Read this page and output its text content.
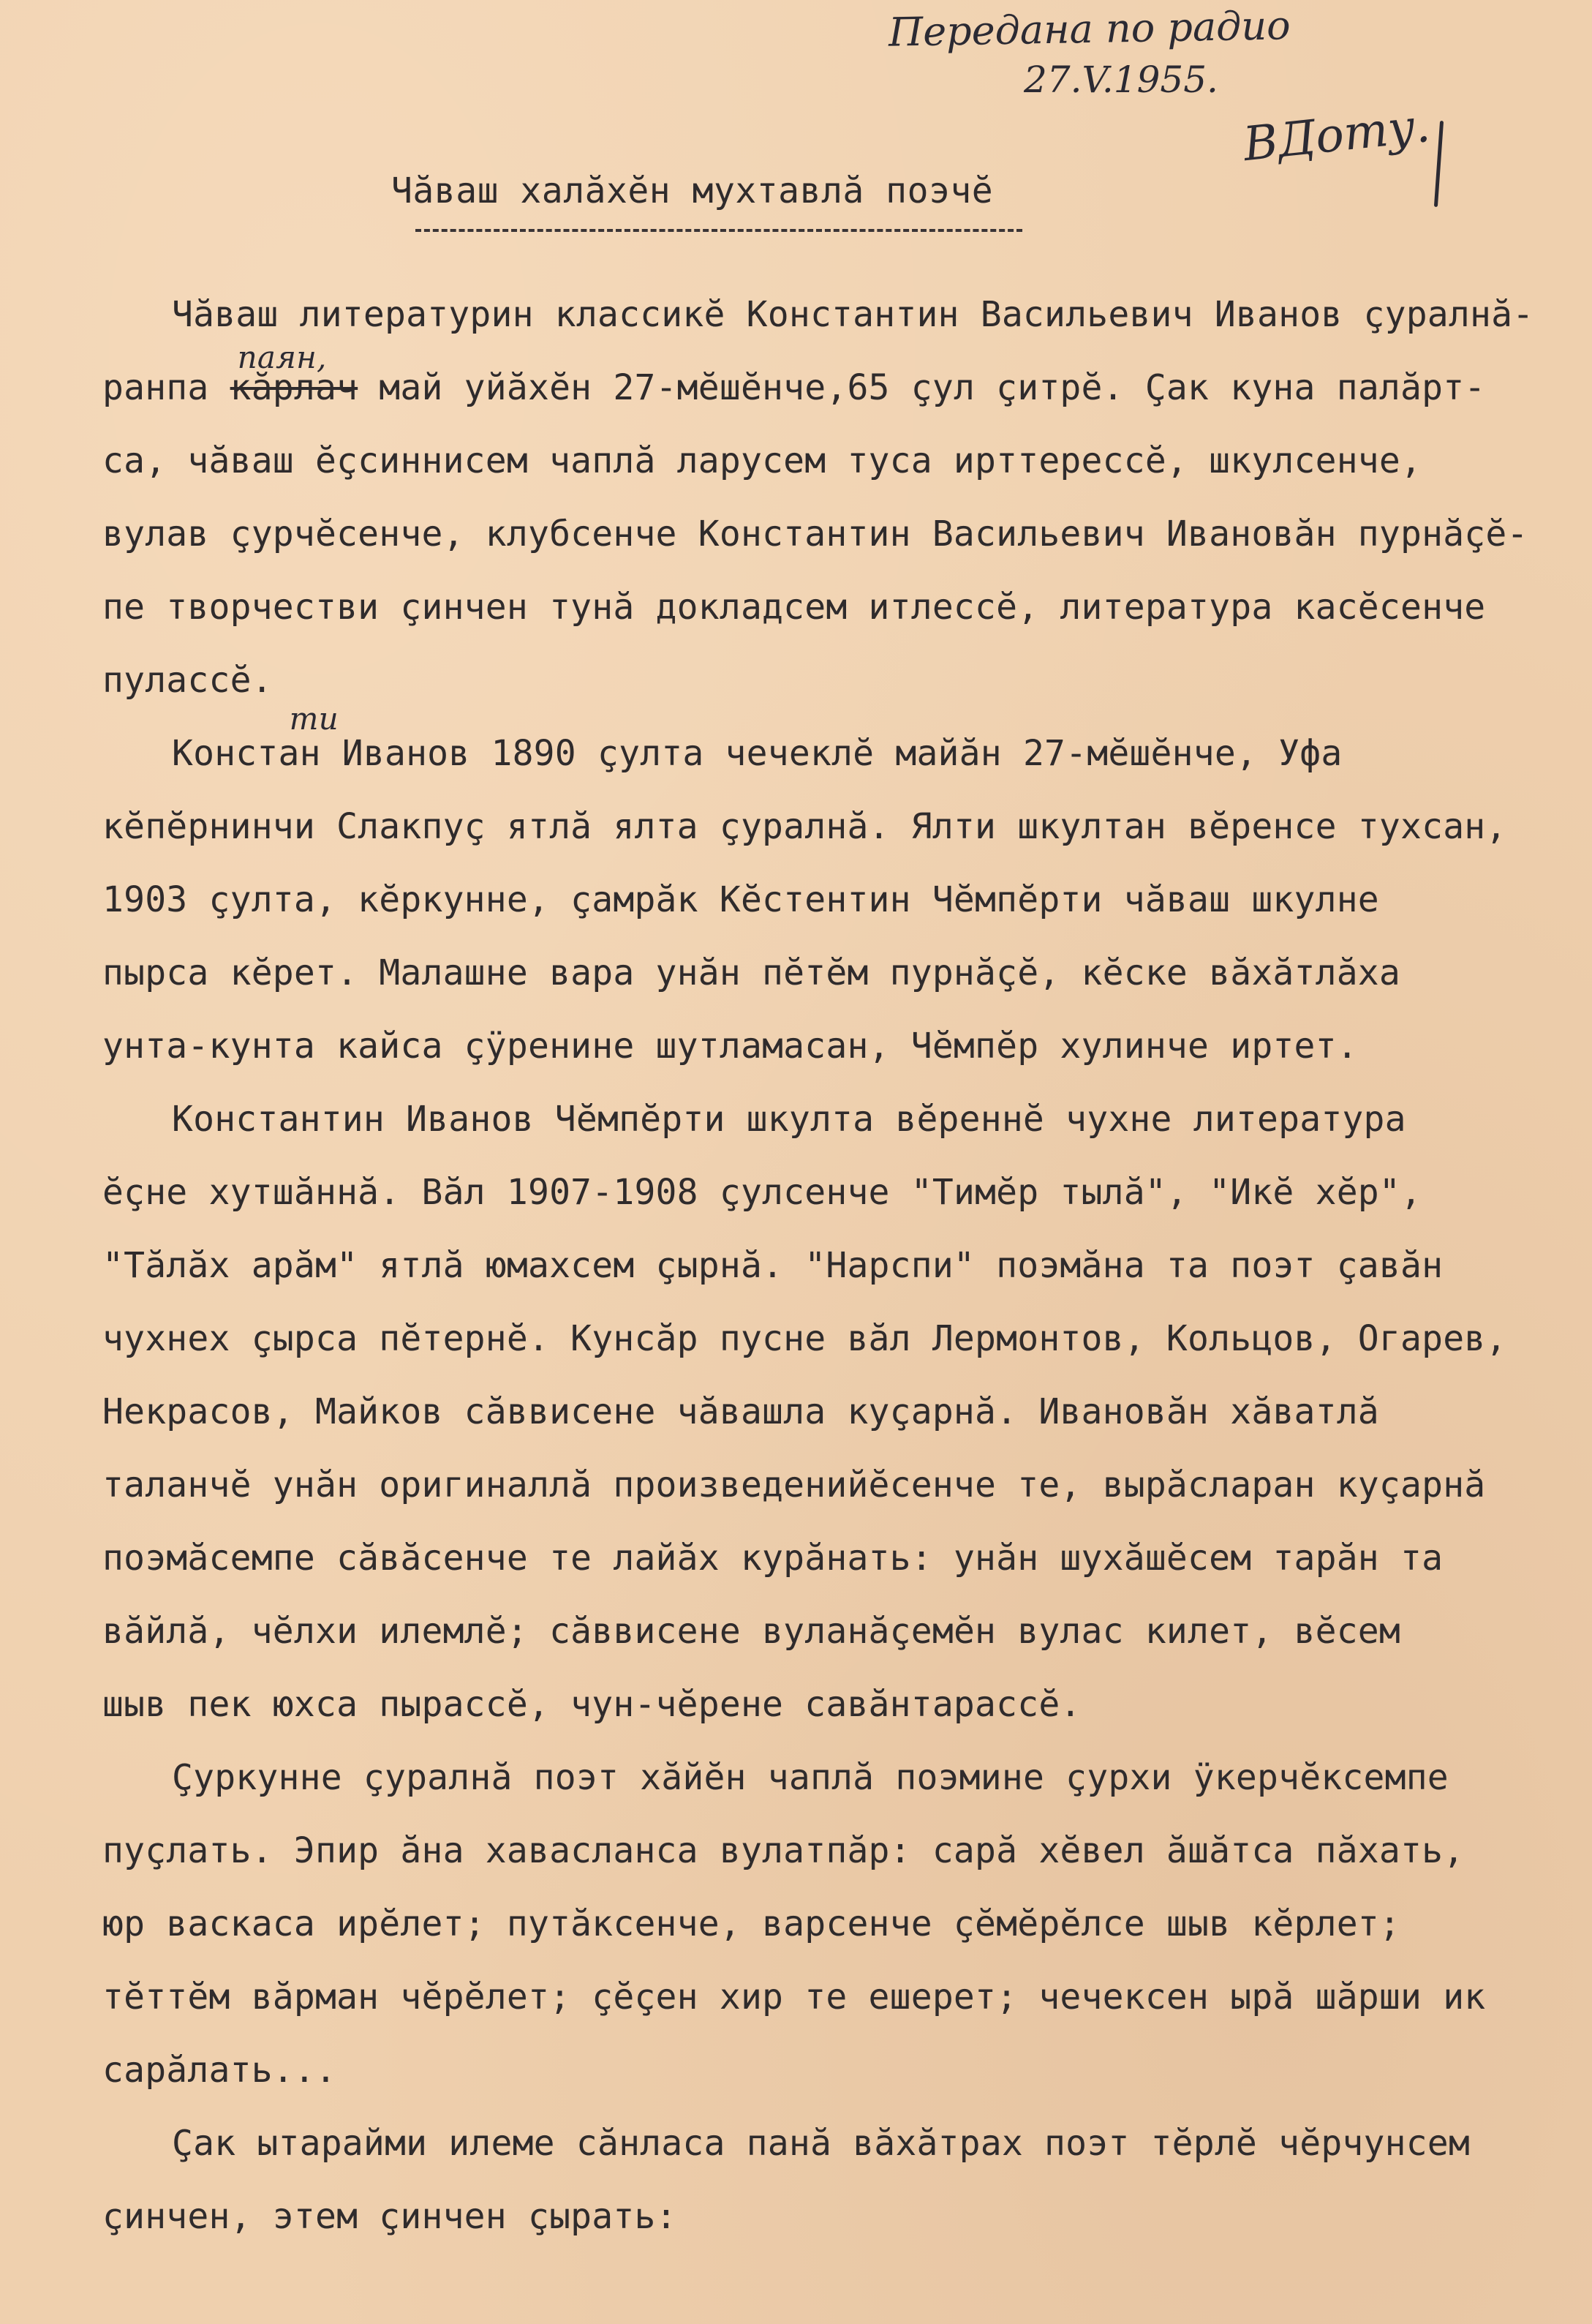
Передана по радио
27.V.1955.
ВДоту.
Чăваш халăхĕн мухтавлă поэчĕ
Чăваш литературин классикĕ Константин Васильевич Иванов çуралнă-
ранпа
паян,
кăрлач май уйăхĕн 27-мĕшĕнче,65 çул çитрĕ. Çак куна палăрт-
са, чăваш ĕçсиннисем чаплă ларусем туса ирттерессĕ, шкулсенче,
вулав çурчĕсенче, клубсенче Константин Васильевич Ивановăн пурнăçĕ-
пе творчестви çинчен тунă докладсем итлессĕ, литература касĕсенче
пулассĕ.
Конста
ти
н Иванов 1890 çулта чечеклĕ майăн 27-мĕшĕнче, Уфа
кĕпĕрнинчи Слакпуç ятлă ялта çуралнă. Ялти шкултан вĕренсе тухсан,
1903 çулта, кĕркунне, çамрăк Кĕстентин Чĕмпĕрти чăваш шкулне
пырса кĕрет. Малашне вара унăн пĕтĕм пурнăçĕ, кĕске вăхăтлăха
унта-кунта кайса çÿренине шутламасан, Чĕмпĕр хулинче иртет.
Константин Иванов Чĕмпĕрти шкулта вĕреннĕ чухне литература
ĕçне хутшăннă. Вăл 1907-1908 çулсенче "Тимĕр тылă", "Икĕ хĕр",
"Тăлăх арăм" ятлă юмахсем çырнă. "Нарспи" поэмăна та поэт çавăн
чухнех çырса пĕтернĕ. Кунсăр пусне вăл Лермонтов, Кольцов, Огарев,
Некрасов, Майков сăввисене чăвашла куçарнă. Ивановăн хăватлă
таланчĕ унăн оригиналлă произведенийĕсенче те, вырăсларан куçарнă
поэмăсемпе сăвăсенче те лайăх курăнать: унăн шухăшĕсем тарăн та
вăйлă, чĕлхи илемлĕ; сăввисене вуланăçемĕн вулас килет, вĕсем
шыв пек юхса пырассĕ, чун-чĕрене савăнтарассĕ.
Çуркунне çуралнă поэт хăйĕн чаплă поэмине çурхи ÿкерчĕксемпе
пуçлать. Эпир ăна хавасланса вулатпăр: сарă хĕвел ăшăтса пăхать,
юр васкаса ирĕлет; путăксенче, варсенче çĕмĕрĕлсе шыв кĕрлет;
тĕттĕм вăрман чĕрĕлет; çĕçен хир те ешерет; чечексен ырă шăрши ик
сарăлать...
Çак ытарайми илеме сăнласа панă вăхăтрах поэт тĕрлĕ чĕрчунсем
çинчен, этем çинчен çырать:
